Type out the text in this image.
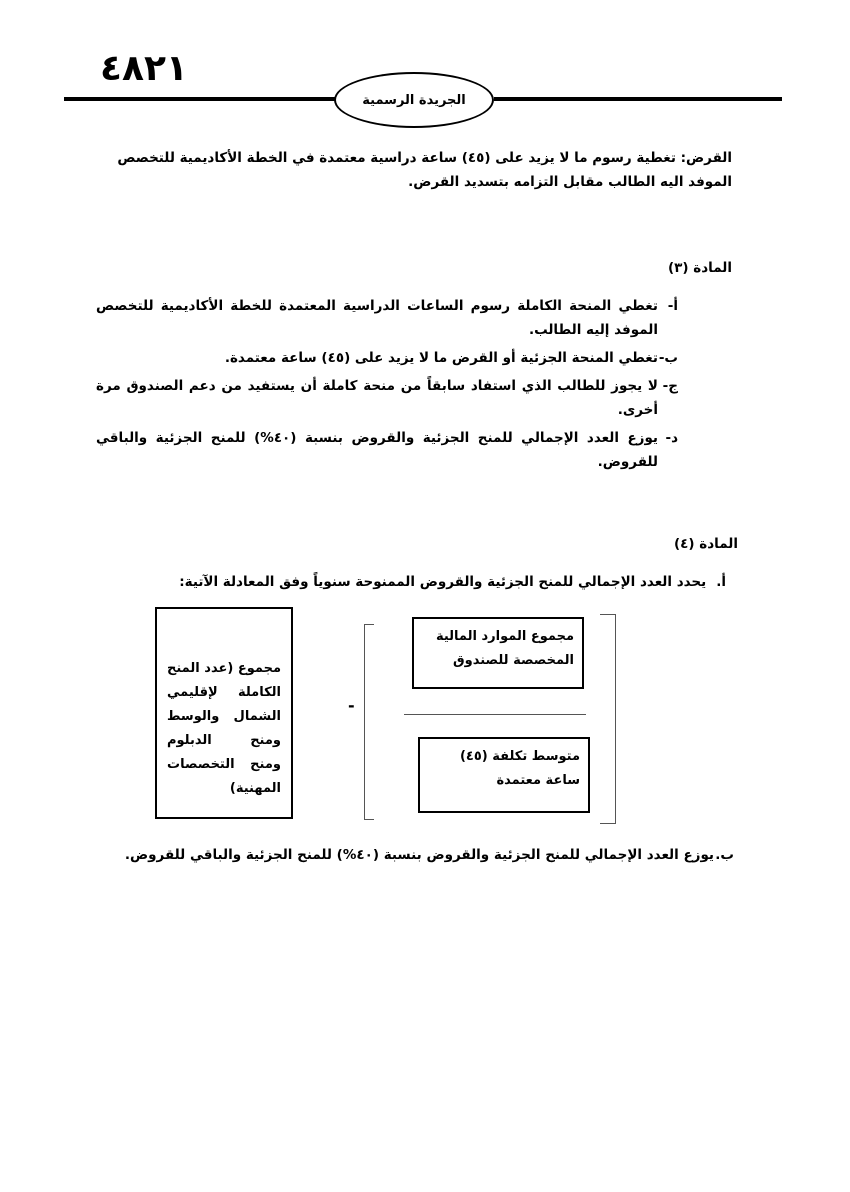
٤٨٢١
الجريدة الرسمية
القرض: تغطية رسوم ما لا يزيد على (٤٥) ساعة دراسية معتمدة في الخطة الأكاديمية للتخصص
الموفد اليه الطالب مقابل التزامه بتسديد القرض.
المادة (٣)
أ-
تغطي المنحة الكاملة رسوم الساعات الدراسية المعتمدة للخطة الأكاديمية للتخصص الموفد إليه الطالب.
ب-
تغطي المنحة الجزئية أو القرض ما لا يزيد على (٤٥) ساعة معتمدة.
ج-
لا يجوز للطالب الذي استفاد سابقاً من منحة كاملة أن يستفيد من دعم الصندوق مرة أخرى.
د-
يوزع العدد الإجمالي للمنح الجزئية والقروض بنسبة (٤٠%) للمنح الجزئية والباقي للقروض.
المادة (٤)
أ.
يحدد العدد الإجمالي للمنح الجزئية والقروض الممنوحة سنوياً وفق المعادلة الآتية:
مجموع الموارد المالية المخصصة للصندوق
متوسط تكلفة (٤٥) ساعة معتمدة
-
مجموع (عدد المنح الكاملة لإقليمي الشمال والوسط ومنح الدبلوم ومنح التخصصات المهنية)
ب.
يوزع العدد الإجمالي للمنح الجزئية والقروض بنسبة (٤٠%) للمنح الجزئية والباقي للقروض.
